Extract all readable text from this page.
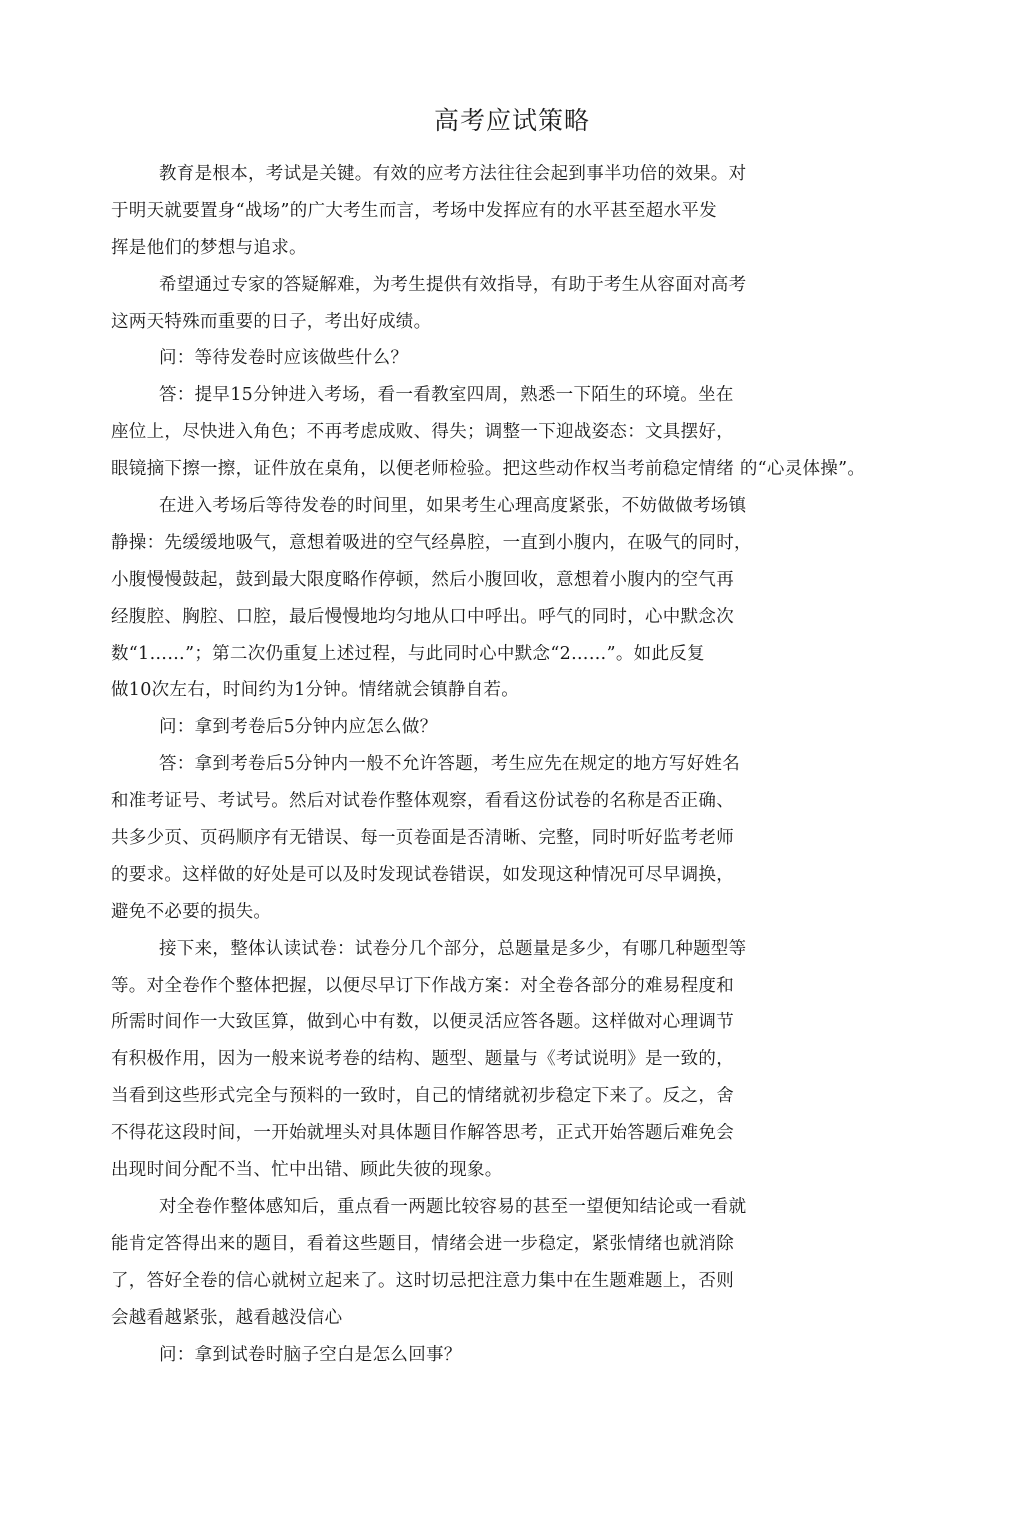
高考应试策略
教育是根本，考试是关键。有效的应考方法往往会起到事半功倍的效果。对
于明天就要置身“战场”的广大考生而言，考场中发挥应有的水平甚至超水平发
挥是他们的梦想与追求。
希望通过专家的答疑解难，为考生提供有效指导，有助于考生从容面对高考
这两天特殊而重要的日子，考出好成绩。
问：等待发卷时应该做些什么？
答：提早15分钟进入考场，看一看教室四周，熟悉一下陌生的环境。坐在
座位上，尽快进入角色；不再考虑成败、得失；调整一下迎战姿态：文具摆好，
眼镜摘下擦一擦，证件放在桌角，以便老师检验。把这些动作权当考前稳定情绪 的“心灵体操”。
在进入考场后等待发卷的时间里，如果考生心理高度紧张，不妨做做考场镇
静操：先缓缓地吸气，意想着吸进的空气经鼻腔，一直到小腹内，在吸气的同时，
小腹慢慢鼓起，鼓到最大限度略作停顿，然后小腹回收，意想着小腹内的空气再
经腹腔、胸腔、口腔，最后慢慢地均匀地从口中呼出。呼气的同时，心中默念次
数“1……”；第二次仍重复上述过程，与此同时心中默念“2……”。如此反复
做10次左右，时间约为1分钟。情绪就会镇静自若。
问：拿到考卷后5分钟内应怎么做？
答：拿到考卷后5分钟内一般不允许答题，考生应先在规定的地方写好姓名
和准考证号、考试号。然后对试卷作整体观察，看看这份试卷的名称是否正确、
共多少页、页码顺序有无错误、每一页卷面是否清晰、完整，同时听好监考老师
的要求。这样做的好处是可以及时发现试卷错误，如发现这种情况可尽早调换，
避免不必要的损失。
接下来，整体认读试卷：试卷分几个部分，总题量是多少，有哪几种题型等
等。对全卷作个整体把握，以便尽早订下作战方案：对全卷各部分的难易程度和
所需时间作一大致匡算，做到心中有数，以便灵活应答各题。这样做对心理调节
有积极作用，因为一般来说考卷的结构、题型、题量与《考试说明》是一致的，
当看到这些形式完全与预料的一致时，自己的情绪就初步稳定下来了。反之，舍
不得花这段时间，一开始就埋头对具体题目作解答思考，正式开始答题后难免会
出现时间分配不当、忙中出错、顾此失彼的现象。
对全卷作整体感知后，重点看一两题比较容易的甚至一望便知结论或一看就
能肯定答得出来的题目，看着这些题目，情绪会进一步稳定，紧张情绪也就消除
了，答好全卷的信心就树立起来了。这时切忌把注意力集中在生题难题上，否则
会越看越紧张，越看越没信心
问：拿到试卷时脑子空白是怎么回事？
